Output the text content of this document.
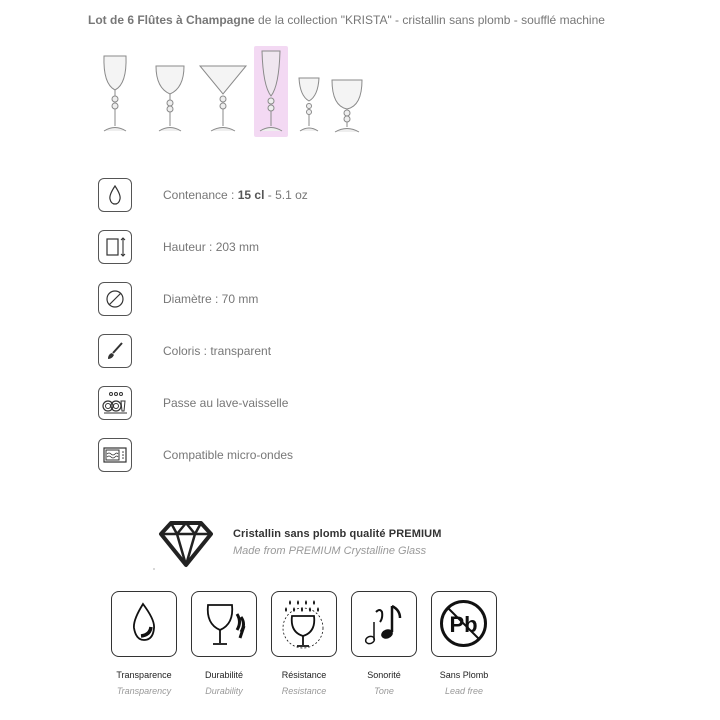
Lot de 6 Flûtes à Champagne de la collection "KRISTA" - cristallin sans plomb - soufflé machine
Contenance : 15 cl - 5.1 oz
Hauteur : 203 mm
Diamètre : 70 mm
Coloris : transparent
Passe au lave-vaisselle
Compatible micro-ondes
Cristallin sans plomb qualité PREMIUM
Made from PREMIUM Crystalline Glass
Transparence
Transparency
Durabilité
Durability
Résistance
Resistance
Sonorité
Tone
Pb
Sans Plomb
Lead free
